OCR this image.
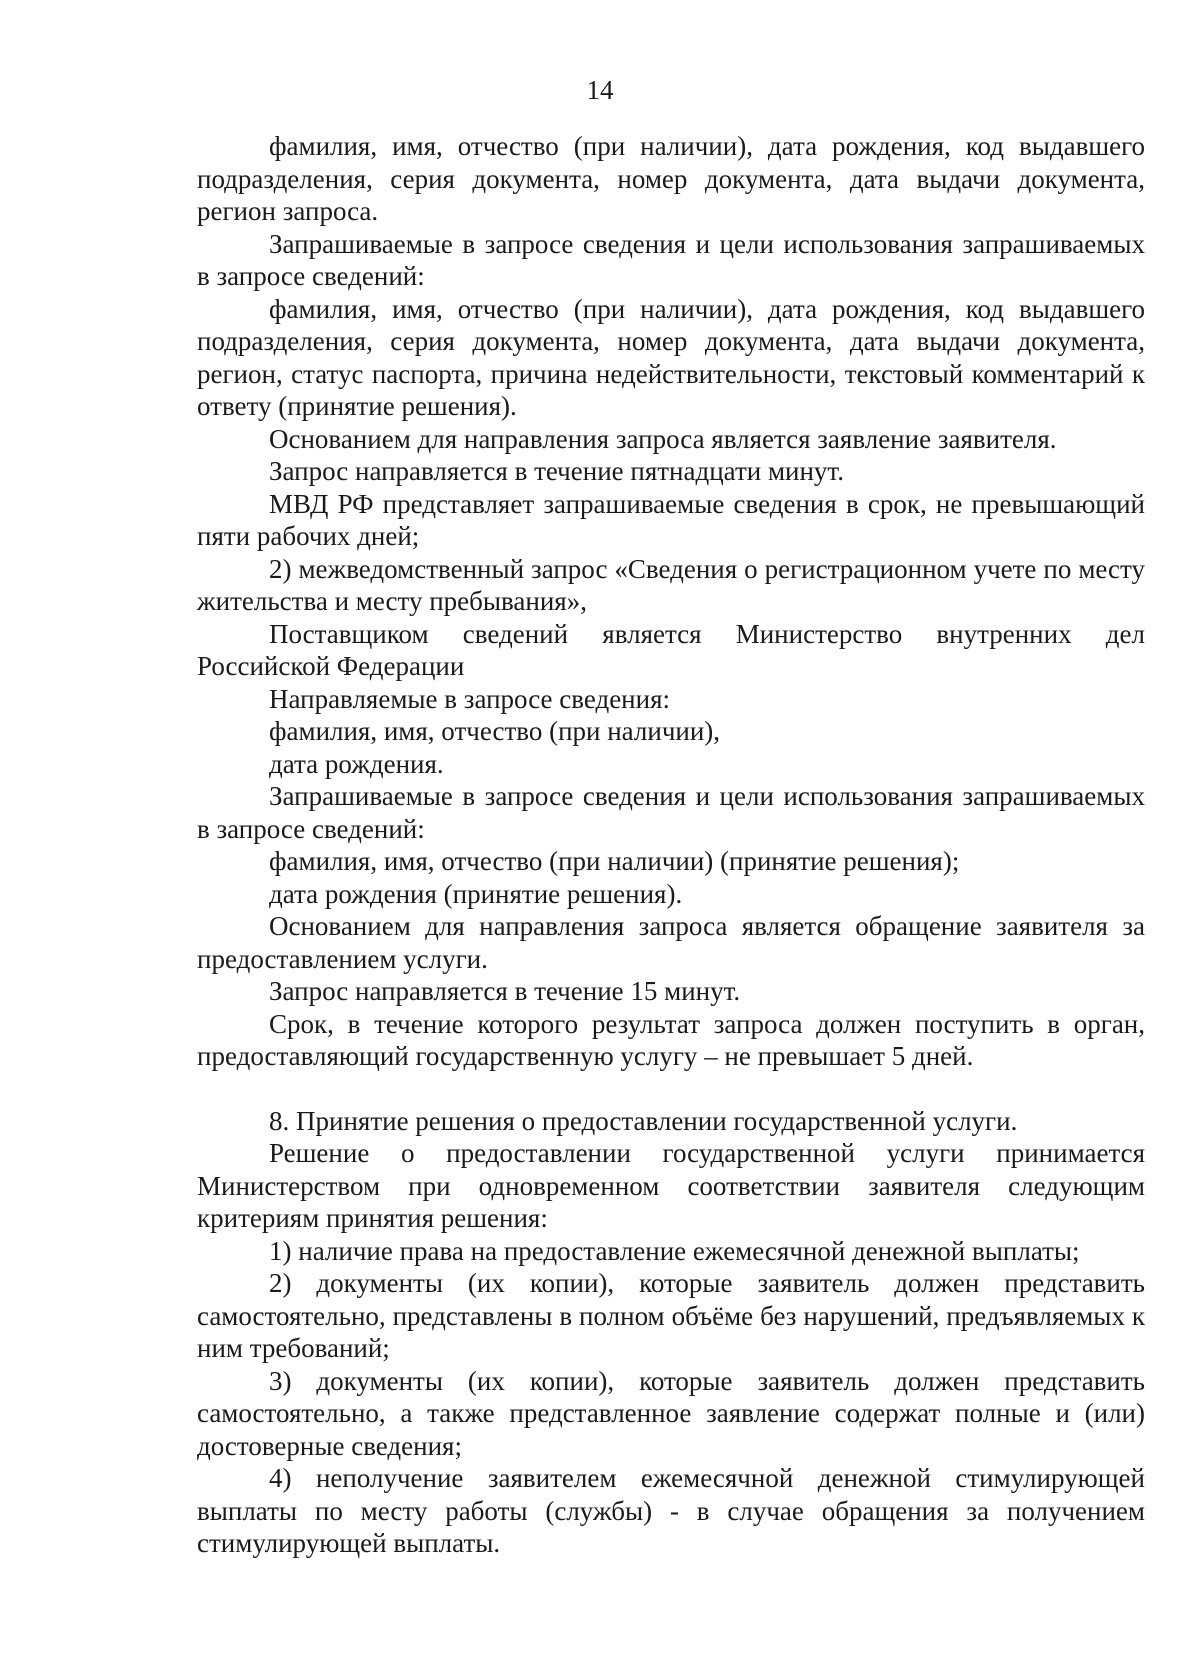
14

фамилия, имя, отчество (при наличии), дата рождения, код выдавшего подразделения, серия документа, номер документа, дата выдачи документа, регион запроса.

Запрашиваемые в запросе сведения и цели использования запрашиваемых в запросе сведений:

фамилия, имя, отчество (при наличии), дата рождения, код выдавшего подразделения, серия документа, номер документа, дата выдачи документа, регион, статус паспорта, причина недействительности, текстовый комментарий к ответу (принятие решения).

Основанием для направления запроса является заявление заявителя.

Запрос направляется в течение пятнадцати минут.

МВД РФ представляет запрашиваемые сведения в срок, не превышающий пяти рабочих дней;

2) межведомственный запрос «Сведения о регистрационном учете по месту жительства и месту пребывания»,

Поставщиком сведений является Министерство внутренних дел Российской Федерации

Направляемые в запросе сведения:

фамилия, имя, отчество (при наличии),

дата рождения.

Запрашиваемые в запросе сведения и цели использования запрашиваемых в запросе сведений:

фамилия, имя, отчество (при наличии) (принятие решения);

дата рождения (принятие решения).

Основанием для направления запроса является обращение заявителя за предоставлением услуги.

Запрос направляется в течение 15 минут.

Срок, в течение которого результат запроса должен поступить в орган, предоставляющий государственную услугу – не превышает 5 дней.

8. Принятие решения о предоставлении государственной услуги.

Решение о предоставлении государственной услуги принимается Министерством при одновременном соответствии заявителя следующим критериям принятия решения:

1) наличие права на предоставление ежемесячной денежной выплаты;

2) документы (их копии), которые заявитель должен представить самостоятельно, представлены в полном объёме без нарушений, предъявляемых к ним требований;

3) документы (их копии), которые заявитель должен представить самостоятельно, а также представленное заявление содержат полные и (или) достоверные сведения;

4) неполучение заявителем ежемесячной денежной стимулирующей выплаты по месту работы (службы) - в случае обращения за получением стимулирующей выплаты.
